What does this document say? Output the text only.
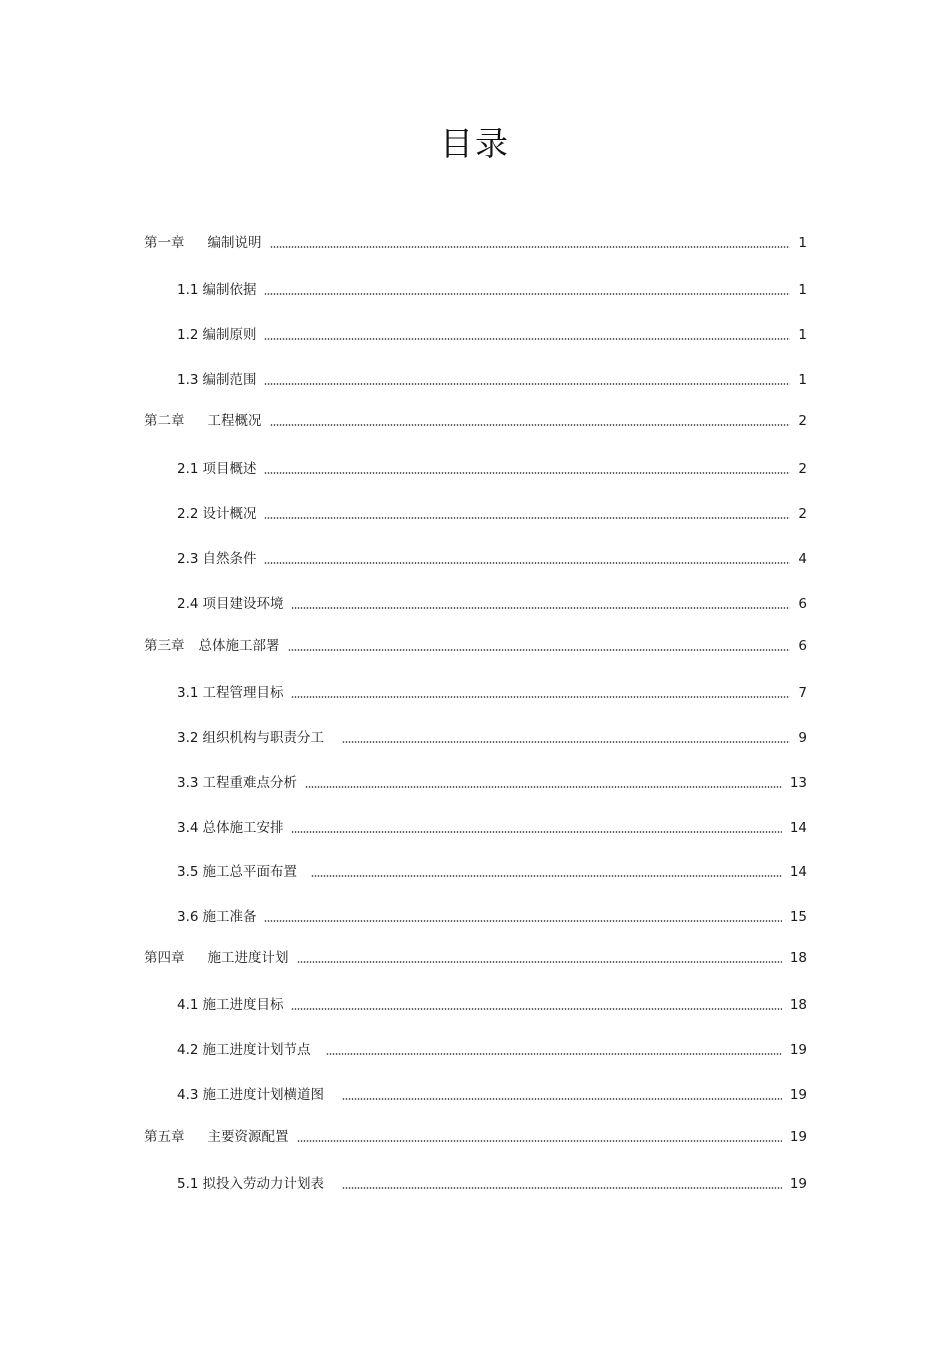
目录
第一章 编制说明	1
1.1 编制依据	1
1.2 编制原则	1
1.3 编制范围	1
第二章 工程概况	2
2.1 项目概述	2
2.2 设计概况	2
2.3 自然条件	4
2.4 项目建设环境	6
第三章 总体施工部署	6
3.1 工程管理目标	7
3.2 组织机构与职责分工	9
3.3 工程重难点分析	13
3.4 总体施工安排	14
3.5 施工总平面布置	14
3.6 施工准备	15
第四章 施工进度计划	18
4.1 施工进度目标	18
4.2 施工进度计划节点	19
4.3 施工进度计划横道图	19
第五章 主要资源配置	19
5.1 拟投入劳动力计划表	19
